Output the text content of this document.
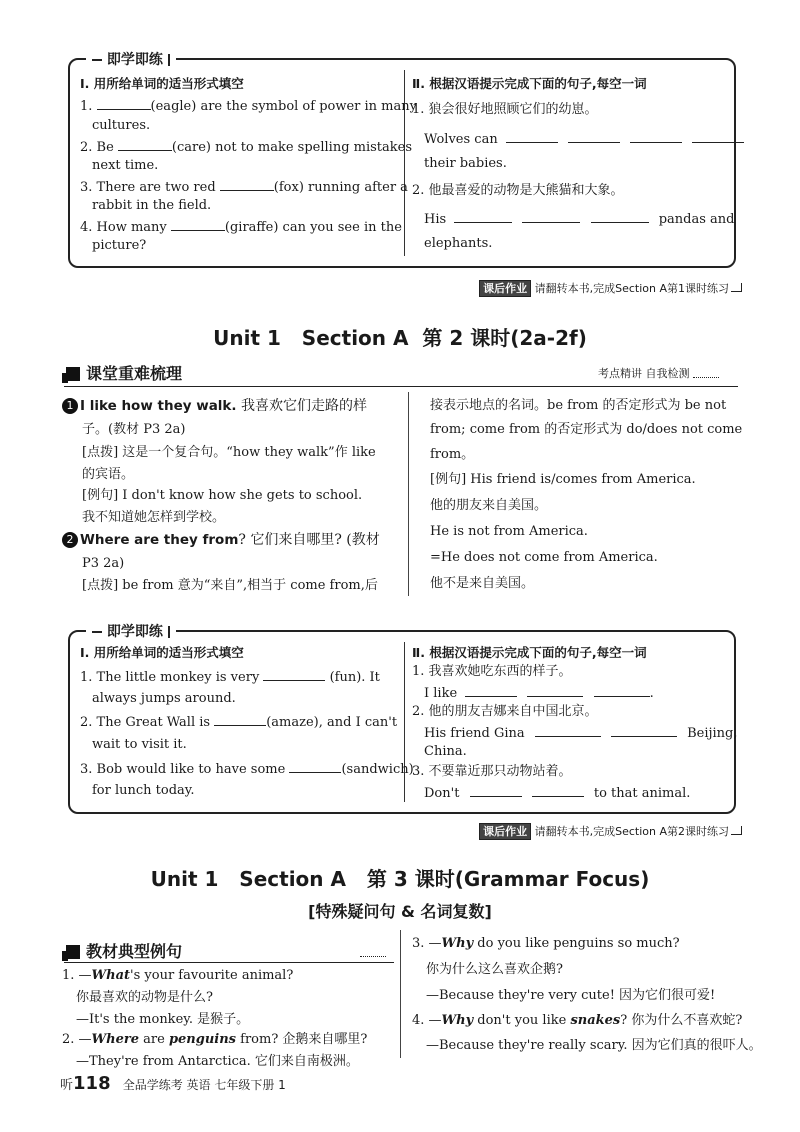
即学即练
Ⅰ. 用所给单词的适当形式填空
1.	(eagle) are the symbol of power in many
cultures.
2. Be	(care) not to make spelling mistakes
next time.
3. There are two red	(fox) running after a
rabbit in the field.
4. How many	(giraffe) can you see in the
picture?
Ⅱ. 根据汉语提示完成下面的句子,每空一词
1. 狼会很好地照顾它们的幼崽。
Wolves can
their babies.
2. 他最喜爱的动物是大熊猫和大象。
His	pandas and
elephants.
课后作业 请翻转本书,完成Section A第1课时练习
Unit 1   Section A  第 2 课时(2a-2f)
课堂重难梳理	考点精讲 自我检测
1 I like how they walk. 我喜欢它们走路的样
子。(教材 P3 2a)
[点拨] 这是一个复合句。“how they walk”作 like
的宾语。
[例句] I don't know how she gets to school.
我不知道她怎样到学校。
2 Where are they from? 它们来自哪里? (教材
P3 2a)
[点拨] be from 意为“来自”,相当于 come from,后
接表示地点的名词。be from 的否定形式为 be not
from; come from 的否定形式为 do/does not come
from。
[例句] His friend is/comes from America.
他的朋友来自美国。
He is not from America.
=He does not come from America.
他不是来自美国。
即学即练
Ⅰ. 用所给单词的适当形式填空
1. The little monkey is very	(fun). It
always jumps around.
2. The Great Wall is	(amaze), and I can't
wait to visit it.
3. Bob would like to have some	(sandwich)
for lunch today.
Ⅱ. 根据汉语提示完成下面的句子,每空一词
1. 我喜欢她吃东西的样子。
I like	.
2. 他的朋友吉娜来自中国北京。
His friend Gina	Beijing,
China.
3. 不要靠近那只动物站着。
Don't	to that animal.
课后作业 请翻转本书,完成Section A第2课时练习
Unit 1   Section A   第 3 课时(Grammar Focus)
[特殊疑问句 & 名词复数]
教材典型例句
1. —What's your favourite animal?
你最喜欢的动物是什么?
—It's the monkey. 是猴子。
2. —Where are penguins from? 企鹅来自哪里?
—They're from Antarctica. 它们来自南极洲。
3. —Why do you like penguins so much?
你为什么这么喜欢企鹅?
—Because they're very cute! 因为它们很可爱!
4. —Why don't you like snakes? 你为什么不喜欢蛇?
—Because they're really scary. 因为它们真的很吓人。
听118 全品学练考 英语 七年级下册 1
